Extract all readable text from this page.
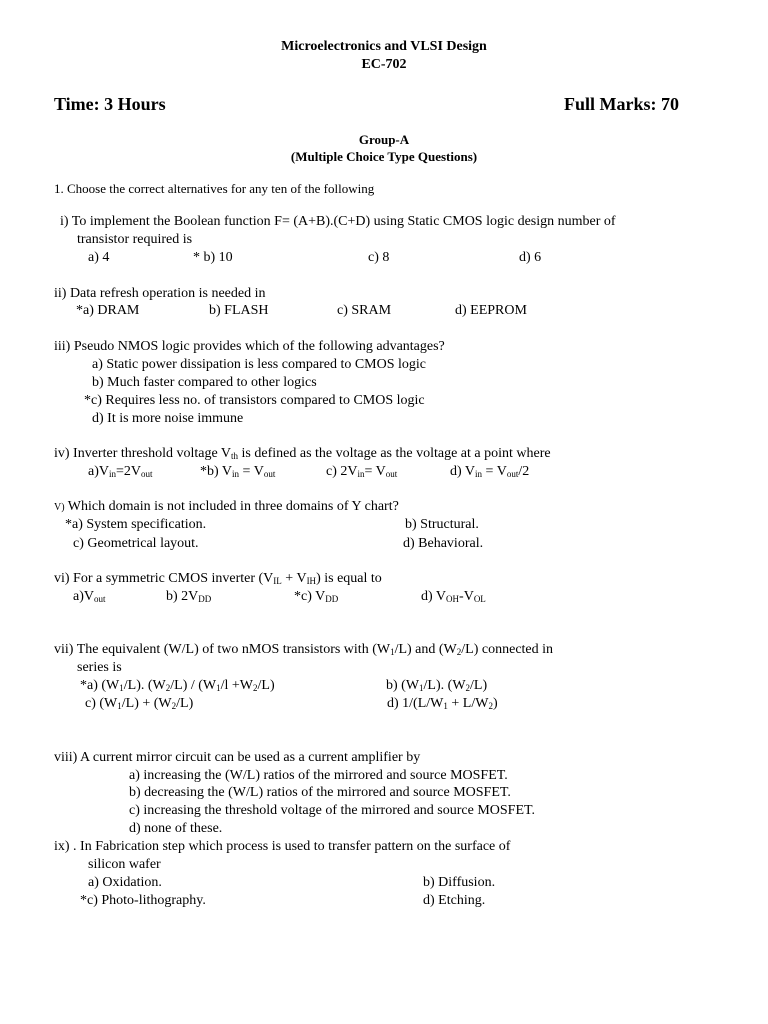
Microelectronics and VLSI Design
EC-702
Time: 3 Hours	Full Marks: 70
Group-A
(Multiple Choice Type Questions)
1. Choose the correct alternatives for any ten of the following
i) To implement the Boolean function F= (A+B).(C+D) using Static CMOS logic design number of
transistor required is
a) 4	* b) 10	c) 8	d) 6
ii) Data refresh operation is needed in
*a) DRAM	b) FLASH	c) SRAM	d) EEPROM
iii) Pseudo NMOS logic provides which of the following advantages?
a) Static power dissipation is less compared to CMOS logic
b) Much faster compared to other logics
*c) Requires less no. of transistors compared to CMOS logic
d) It is more noise immune
iv) Inverter threshold voltage $V_{th}$ is defined as the voltage as the voltage at a point where
$a)V_{in}=2V_{out}$	*b) $V_{in} = V_{out}$	c) $2V_{in}= V_{out}$	d) $V_{in} = V_{out}/2$
V) Which domain is not included in three domains of Y chart?
*a) System specification.	b) Structural.
c) Geometrical layout.	d) Behavioral.
vi) For a symmetric CMOS inverter $(V_{IL} + V_{IH})$ is equal to
$a)V_{out}$	b) $2V_{DD}$	*c) $V_{DD}$	d) $V_{OH}-V_{OL}$
vii) The equivalent (W/L) of two nMOS transistors with $(W_1/L)$ and $(W_2/L)$ connected in
series is
*a) $(W_1/L)$. $(W_2/L) / (W_1/l +W_2/L)$	b) $(W_1/L)$. $(W_2/L)$
c) $(W_1/L) + (W_2/L)$	d) $1/(L/W_1 + L/W_2)$
viii) A current mirror circuit can be used as a current amplifier by
a) increasing the (W/L) ratios of the mirrored and source MOSFET.
b) decreasing the (W/L) ratios of the mirrored and source MOSFET.
c) increasing the threshold voltage of the mirrored and source MOSFET.
d) none of these.
ix) . In Fabrication step which process is used to transfer pattern on the surface of
silicon wafer
a) Oxidation.	b) Diffusion.
*c) Photo-lithography.	d) Etching.
